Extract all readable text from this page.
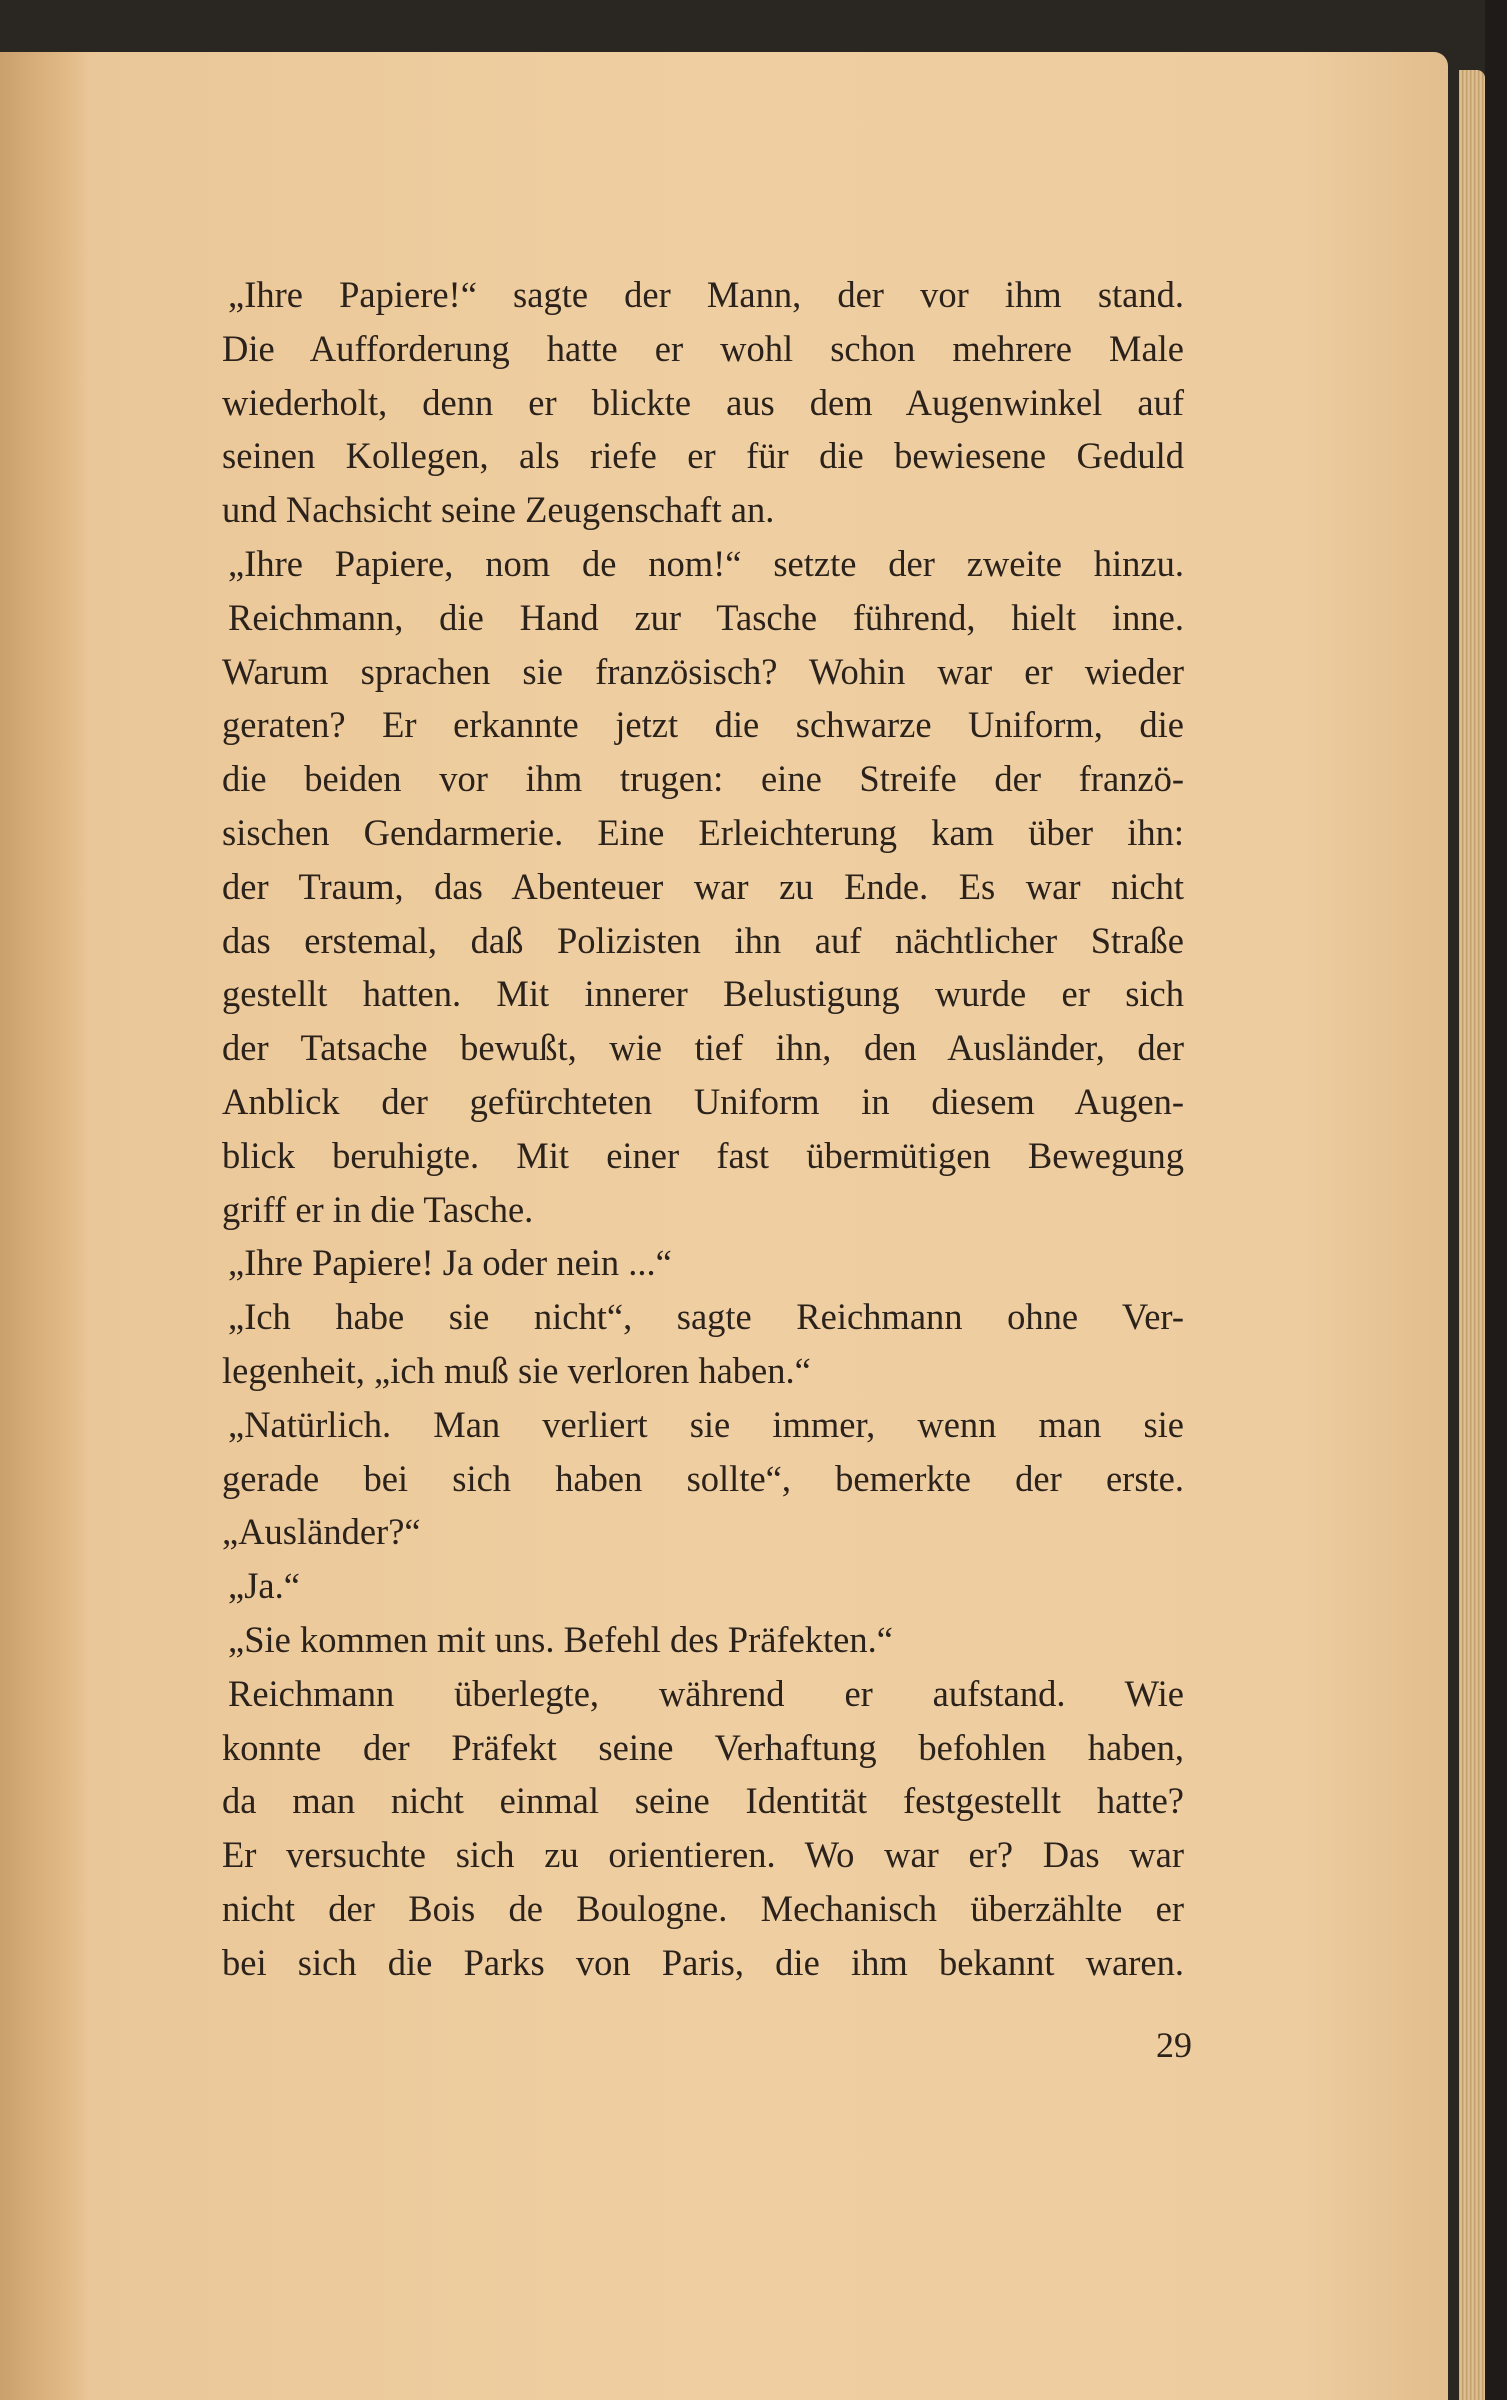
„Ihre Papiere!“ sagte der Mann, der vor ihm stand.
Die Aufforderung hatte er wohl schon mehrere Male
wiederholt, denn er blickte aus dem Augenwinkel auf
seinen Kollegen, als riefe er für die bewiesene Geduld
und Nachsicht seine Zeugenschaft an.
„Ihre Papiere, nom de nom!“ setzte der zweite hinzu.
Reichmann, die Hand zur Tasche führend, hielt inne.
Warum sprachen sie französisch? Wohin war er wieder
geraten? Er erkannte jetzt die schwarze Uniform, die
die beiden vor ihm trugen: eine Streife der franzö-
sischen Gendarmerie. Eine Erleichterung kam über ihn:
der Traum, das Abenteuer war zu Ende. Es war nicht
das erstemal, daß Polizisten ihn auf nächtlicher Straße
gestellt hatten. Mit innerer Belustigung wurde er sich
der Tatsache bewußt, wie tief ihn, den Ausländer, der
Anblick der gefürchteten Uniform in diesem Augen-
blick beruhigte. Mit einer fast übermütigen Bewegung
griff er in die Tasche.
„Ihre Papiere! Ja oder nein ...“
„Ich habe sie nicht“, sagte Reichmann ohne Ver-
legenheit, „ich muß sie verloren haben.“
„Natürlich. Man verliert sie immer, wenn man sie
gerade bei sich haben sollte“, bemerkte der erste.
„Ausländer?“
„Ja.“
„Sie kommen mit uns. Befehl des Präfekten.“
Reichmann überlegte, während er aufstand. Wie
konnte der Präfekt seine Verhaftung befohlen haben,
da man nicht einmal seine Identität festgestellt hatte?
Er versuchte sich zu orientieren. Wo war er? Das war
nicht der Bois de Boulogne. Mechanisch überzählte er
bei sich die Parks von Paris, die ihm bekannt waren.
29
